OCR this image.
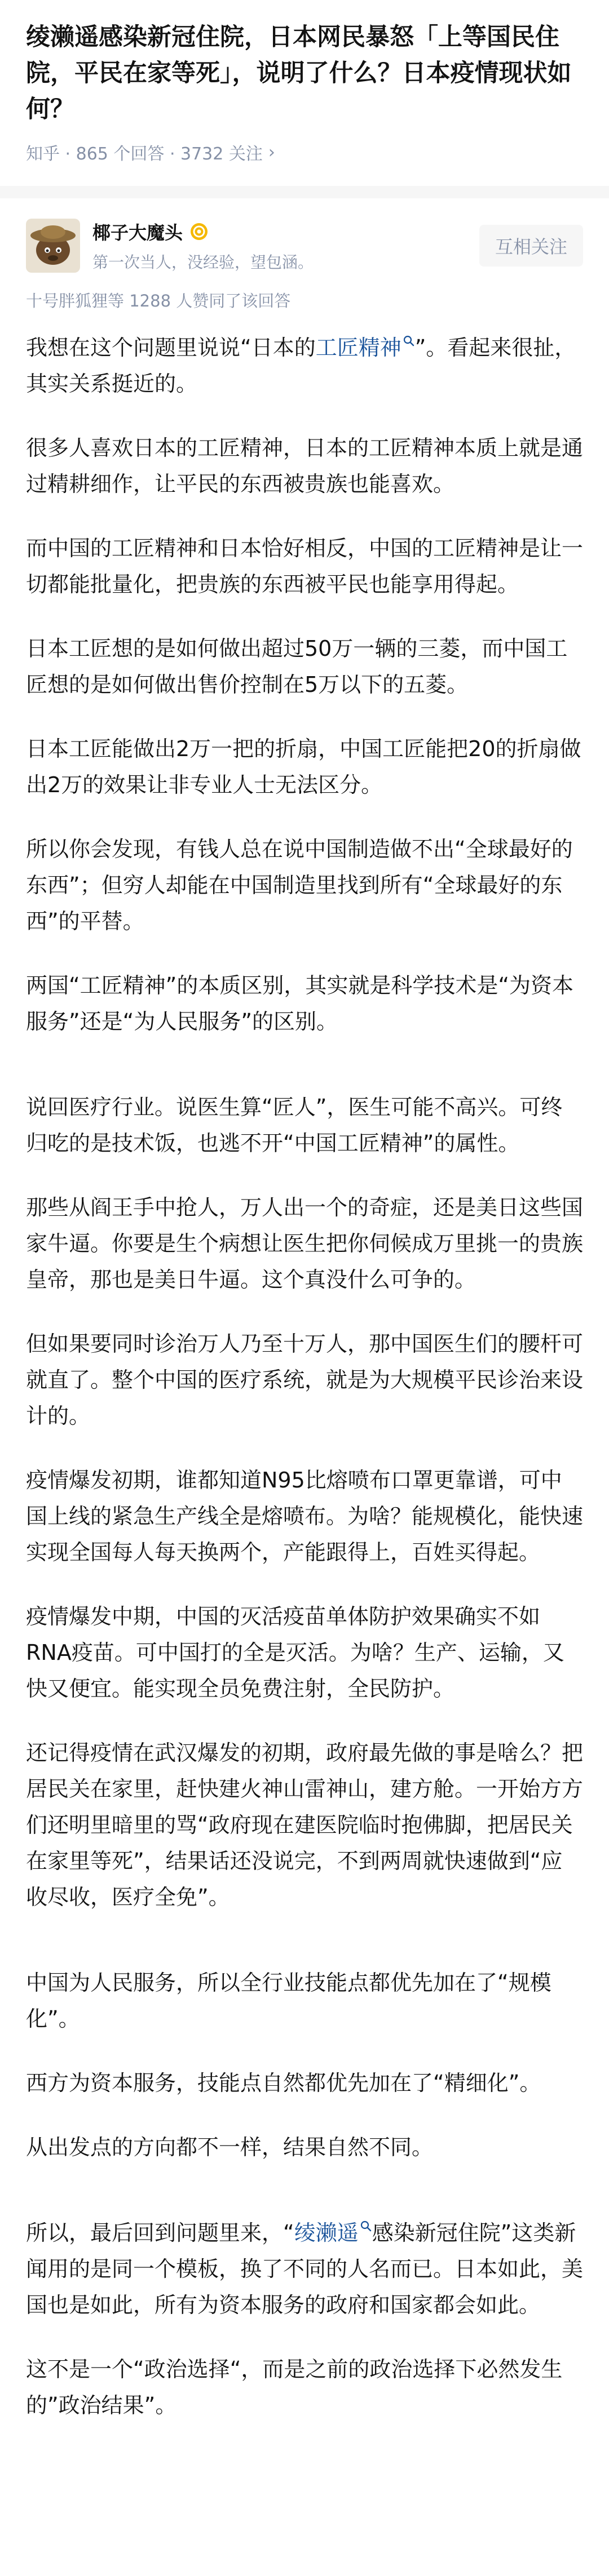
绫濑遥感染新冠住院，日本网民暴怒「上等国民住院，平民在家等死」，说明了什么？日本疫情现状如何？
知乎 · 865 个回答 · 3732 关注 ›
椰子大魔头
第一次当人，没经验，望包涵。
互相关注
十号胖狐狸等 1288 人赞同了该回答

我想在这个问题里说说“日本的工匠精神 ”。看起来很扯，其实关系挺近的。

很多人喜欢日本的工匠精神，日本的工匠精神本质上就是通过精耕细作，让平民的东西被贵族也能喜欢。

而中国的工匠精神和日本恰好相反，中国的工匠精神是让一切都能批量化，把贵族的东西被平民也能享用得起。

日本工匠想的是如何做出超过50万一辆的三菱，而中国工匠想的是如何做出售价控制在5万以下的五菱。

日本工匠能做出2万一把的折扇，中国工匠能把20的折扇做出2万的效果让非专业人士无法区分。

所以你会发现，有钱人总在说中国制造做不出“全球最好的东西”；但穷人却能在中国制造里找到所有“全球最好的东西”的平替。

两国“工匠精神”的本质区别，其实就是科学技术是“为资本服务”还是“为人民服务”的区别。

说回医疗行业。说医生算“匠人”，医生可能不高兴。可终归吃的是技术饭，也逃不开“中国工匠精神”的属性。

那些从阎王手中抢人，万人出一个的奇症，还是美日这些国家牛逼。你要是生个病想让医生把你伺候成万里挑一的贵族皇帝，那也是美日牛逼。这个真没什么可争的。

但如果要同时诊治万人乃至十万人，那中国医生们的腰杆可就直了。整个中国的医疗系统，就是为大规模平民诊治来设计的。

疫情爆发初期，谁都知道N95比熔喷布口罩更靠谱，可中国上线的紧急生产线全是熔喷布。为啥？能规模化，能快速实现全国每人每天换两个，产能跟得上，百姓买得起。

疫情爆发中期，中国的灭活疫苗单体防护效果确实不如RNA疫苗。可中国打的全是灭活。为啥？生产、运输，又快又便宜。能实现全员免费注射，全民防护。

还记得疫情在武汉爆发的初期，政府最先做的事是啥么？把居民关在家里，赶快建火神山雷神山，建方舱。一开始方方们还明里暗里的骂“政府现在建医院临时抱佛脚，把居民关在家里等死”，结果话还没说完，不到两周就快速做到“应收尽收，医疗全免”。

中国为人民服务，所以全行业技能点都优先加在了“规模化”。

西方为资本服务，技能点自然都优先加在了“精细化”。

从出发点的方向都不一样，结果自然不同。

所以，最后回到问题里来，“绫濑遥 感染新冠住院”这类新闻用的是同一个模板，换了不同的人名而已。日本如此，美国也是如此，所有为资本服务的政府和国家都会如此。

这不是一个“政治选择“，而是之前的政治选择下必然发生的”政治结果”。
